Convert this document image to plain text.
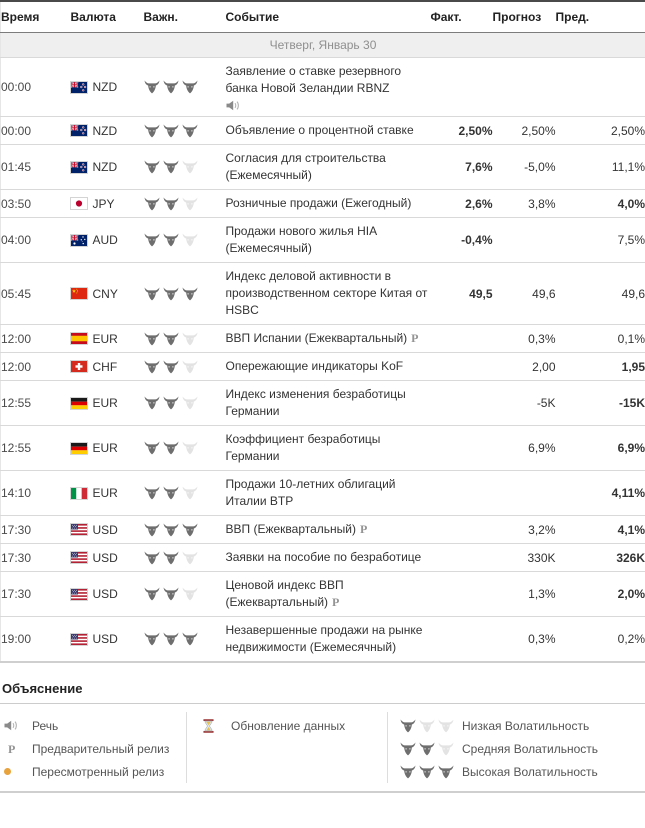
Время	Валюта	Важн.	Событие	Факт.	Прогноз	Пред.
Четверг, Январь 30						
00:00	NZD		Заявление о ставке резервного банка Новой Зеландии RBNZ

00:00	NZD		Объявление о процентной ставке	2,50%	2,50%	2,50%
01:45	NZD		Согласия для строительства (Ежемесячный)	7,6%	-5,0%	11,1%
03:50	JPY		Розничные продажи (Ежегодный)	2,6%	3,8%	4,0%
04:00	AUD		Продажи нового жилья HIA (Ежемесячный)	-0,4%		7,5%
05:45	CNY		Индекс деловой активности в производственном секторе Китая от HSBC	49,5	49,6	49,6
12:00	EUR		ВВП Испании (Ежеквартальный) P		0,3%	0,1%
12:00	CHF		Опережающие индикаторы KoF		2,00	1,95
12:55	EUR		Индекс изменения безработицы Германии		-5K	-15K
12:55	EUR		Коэффициент безработицы Германии		6,9%	6,9%
14:10	EUR		Продажи 10-летних облигаций Италии BTP			4,11%
17:30	USD		ВВП (Ежеквартальный) P		3,2%	4,1%
17:30	USD		Заявки на пособие по безработице		330K	326K
17:30	USD		Ценовой индекс ВВП (Ежеквартальный) P		1,3%	2,0%
19:00	USD		Незавершенные продажи на рынке недвижимости (Ежемесячный)		0,3%	0,2%
Объяснение
Речь
P Предварительный релиз
Пересмотренный релиз
Обновление данных	Низкая Волатильность
Средняя Волатильность
Высокая Волатильность
